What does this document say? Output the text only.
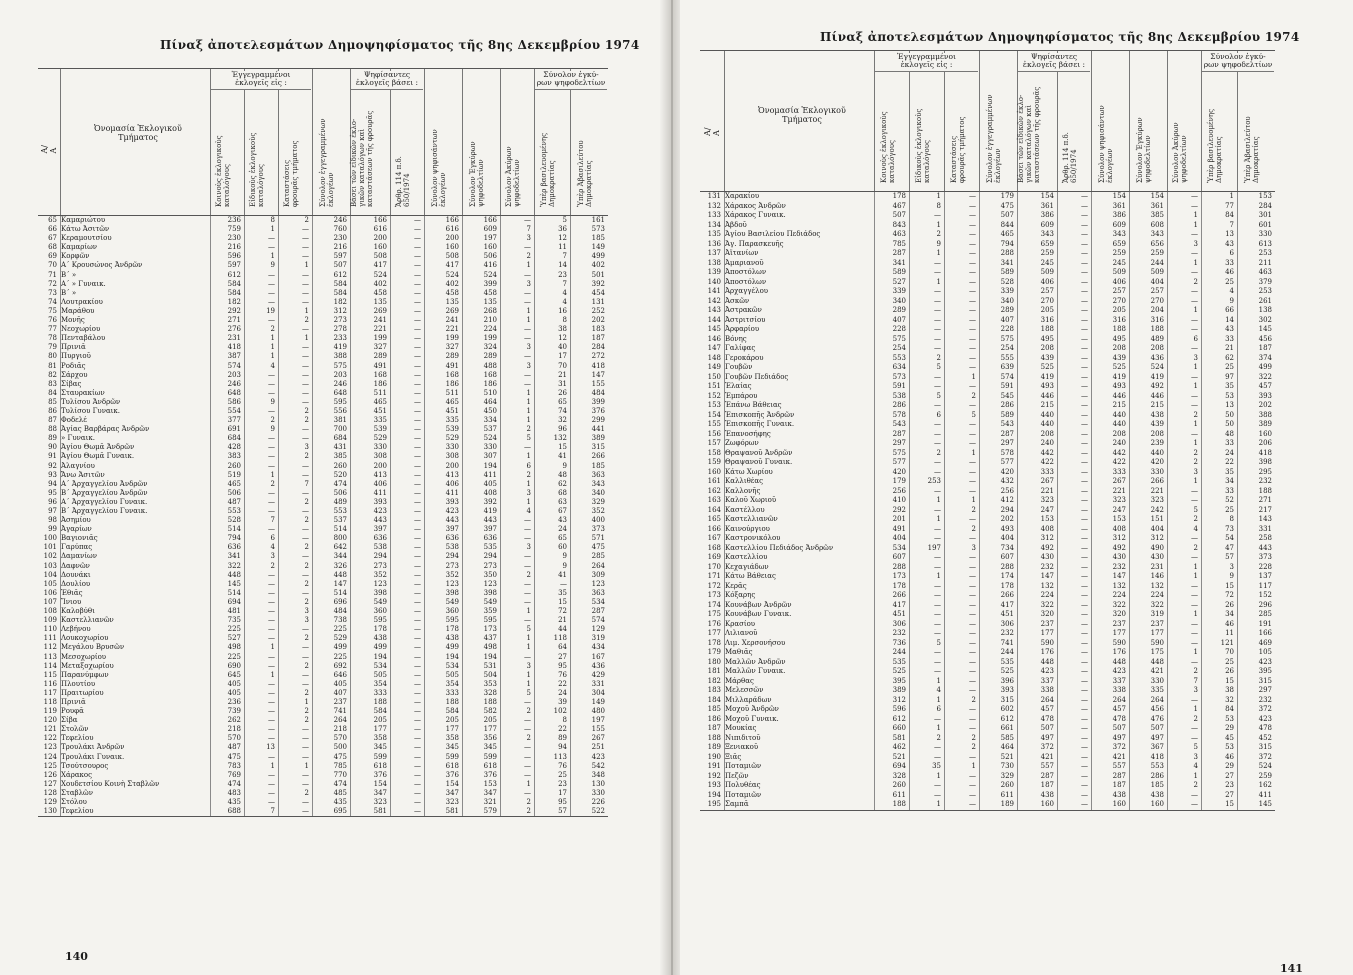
Πίναξ ἀποτελεσμάτων Δημοψηφίσματος τῆς 8ης Δεκεμβρίου 1974
Α/Α
Ὀνομασία Ἐκλογικοῦ
Τμήματος
Κοινοὺς ἐκλογικοὺς
καταλόγους	Εἰδικοὺς ἐκλογικοὺς
καταλόγους	Καταστάσεις
φρουρᾶς τμήματος
Σύνολον ἐγγεγραμμένων
ἐκλογέων Βάσει τῶν εἰδικῶν ἐκλο-
γικῶν καταλόγων καὶ
καταστάσεων τῆς φρουρᾶς
Ἄρθρ. 114 π.δ.
650/1974	Σύνολον ψηφισάντων
ἐκλογέων	Σύνολον Ἐγκύρων
ψηφοδελτίων	Σύνολον Ἀκύρων
ψηφοδελτίων	Ὑπὲρ βασιλευομένης
Δημοκρατίας	Ὑπὲρ Ἀβασιλεύτου
Δημοκρατίας
Ἐγγεγραμμένοι
ἐκλογεῖς εἰς :
Ψηφίσαντες
ἐκλογεῖς βάσει :
Σύνολον ἐγκύ-
ρων ψηφοδελτίων
65 Καμαριώτου	236	8	2	246	166	—	166	166	—	5	161
66 Κάτω Ἀσιτῶν	759	1	—	760	616	—	616	609	7	36	573
67 Κεραμουτσίου	230	—	—	230	200	—	200	197	3	12	185
68 Καμαρίων	216	—	—	216	160	—	160	160	—	11	149
69 Κορφῶν	596	1	—	597	508	—	508	506	2	7	499
70 Α΄ Κρουσώνος Ἀνδρῶν	597	9	1	507	417	—	417	416	1	14	402
71 Β΄ »	612	—	—	612	524	—	524	524	—	23	501
72 Α΄ » Γυναικ.	584	—	—	584	402	—	402	399	3	7	392
73 Β΄ »	584	—	—	584	458	—	458	458	—	4	454
74 Λουτρακίου	182	—	—	182	135	—	135	135	—	4	131
75 Μαράθου	292	19	1	312	269	—	269	268	1	16	252
76 Μονῆς	271	—	2	273	241	—	241	210	1	8	202
77 Νεοχωρίου	276	2	—	278	221	—	221	224	—	38	183
78 Πενταβάλου	231	1	1	233	199	—	199	199	—	12	187
79 Πρινιᾶ	418	1	—	419	327	—	327	324	3	40	284
80 Πυργιοῦ	387	1	—	388	289	—	289	289	—	17	272
81 Ροδιᾶς	574	4	—	575	491	—	491	488	3	70	418
82 Σάρχου	203	—	—	203	168	—	168	168	—	21	147
83 Σίβας	246	—	—	246	186	—	186	186	—	31	155
84 Σταυρακίων	648	—	—	648	511	—	511	510	1	26	484
85 Τυλίσου Ἀνδρῶν	586	9	—	595	465	—	465	464	1	65	399
86 Τυλίσου Γυναικ.	554	—	2	556	451	—	451	450	1	74	376
87 Φοδελέ	377	2	2	381	335	—	335	334	1	32	299
88 Ἁγίας Βαρβάρας Ἀνδρῶν	691	9	—	700	539	—	539	537	2	96	441
89 » Γυναικ.	684	—	—	684	529	—	529	524	5	132	389
90 Ἁγίου Θωμᾶ Ἀνδρῶν	428	—	3	431	330	—	330	330	—	15	315
91 Ἁγίου Θωμᾶ Γυναικ.	383	—	2	385	308	—	308	307	1	41	266
92 Ἀλαγνίου	260	—	—	260	200	—	200	194	6	9	185
93 Ἄνω Ἀσιτῶν	519	1	—	520	413	—	413	411	2	48	363
94 Α΄ Ἀρχαγγελίου Ἀνδρῶν	465	2	7	474	406	—	406	405	1	62	343
95 Β΄ Ἀρχαγγελίου Ἀνδρῶν	506	—	—	506	411	—	411	408	3	68	340
96 Α΄ Ἀρχαγγελίου Γυναικ.	487	—	2	489	393	—	393	392	1	63	329
97 Β΄ Ἀρχαγγελίου Γυναικ.	553	—	—	553	423	—	423	419	4	67	352
98 Ἀσημίου	528	7	2	537	443	—	443	443	—	43	400
99 Ἀγαρίων	514	—	—	514	397	—	397	397	—	24	373
100 Βαγιονιᾶς	794	6	—	800	636	—	636	636	—	65	571
101 Γαρύπας	636	4	2	642	538	—	538	535	3	60	475
102 Δαμανίων	341	3	—	344	294	—	294	294	—	9	285
103 Δαφνῶν	322	2	2	326	273	—	273	273	—	9	264
104 Δουνάκι	448	—	—	448	352	—	352	350	2	41	309
105 Δουλίου	145	—	2	147	123	—	123	123	—	—	123
106 Ἐθιᾶς	514	—	—	514	398	—	398	398	—	35	363
107 Ἴνιου	694	—	2	696	549	—	549	549	—	15	534
108 Καλοβύθι	481	—	3	484	360	—	360	359	1	72	287
109 Καστελλιανῶν	735	—	3	738	595	—	595	595	—	21	574
110 Λεβήνου	225	—	—	225	178	—	178	173	5	44	129
111 Λουκοχωρίου	527	—	2	529	438	—	438	437	1	118	319
112 Μεγάλου Βρυσῶν	498	1	—	499	499	—	499	498	1	64	434
113 Μεσοχωρίου	225	—	—	225	194	—	194	194	—	27	167
114 Μεταξοχωρίου	690	—	2	692	534	—	534	531	3	95	436
115 Παρανύμφων	645	1	—	646	505	—	505	504	1	76	429
116 Πλουτίου	405	—	—	405	354	—	354	353	1	22	331
117 Πραιτωρίου	405	—	2	407	333	—	333	328	5	24	304
118 Πρινιᾶ	236	—	1	237	188	—	188	188	—	39	149
119 Ρουφᾶ	739	—	2	741	584	—	584	582	2	102	480
120 Σίβα	262	—	2	264	205	—	205	205	—	8	197
121 Στολῶν	218	—	—	218	177	—	177	177	—	22	155
122 Τεφελίου	570	—	—	570	358	—	358	356	2	89	267
123 Τρουλάκι Ἀνδρῶν	487	13	—	500	345	—	345	345	—	94	251
124 Τρουλάκι Γυναικ.	475	—	—	475	599	—	599	599	—	113	423
125 Τσούτσουρος	783	1	1	785	618	—	618	618	—	76	542
126 Χάρακος	769	—	—	770	376	—	376	376	—	25	348
127 Χουδετσίου Κοινὴ Σταβλῶν	474	—	—	474	154	—	154	153	1	23	130
128 Σταβλῶν	483	—	2	485	347	—	347	347	—	17	330
129 Στόλου	435	—	—	435	323	—	323	321	2	95	226
130 Τεφελίου	688	7	—	695	581	—	581	579	2	57	522
140
Πίναξ ἀποτελεσμάτων Δημοψηφίσματος τῆς 8ης Δεκεμβρίου 1974
Α/Α
Ὀνομασία Ἐκλογικοῦ
Τμήματος
Κοινοὺς ἐκλογικοὺς
καταλόγους	Εἰδικοὺς ἐκλογικοὺς
καταλόγους	Καταστάσεις
φρουρᾶς τμήματος
Σύνολον ἐγγεγραμμένων
ἐκλογέων Βάσει τῶν εἰδικῶν ἐκλο-
γικῶν καταλόγων καὶ
καταστάσεων τῆς φρουρᾶς
Ἄρθρ. 114 π.δ.
650/1974	Σύνολον ψηφισάντων
ἐκλογέων	Σύνολον Ἐγκύρων
ψηφοδελτίων	Σύνολον Ἀκύρων
ψηφοδελτίων	Ὑπὲρ βασιλευομένης
Δημοκρατίας	Ὑπὲρ Ἀβασιλεύτου
Δημοκρατίας
Ἐγγεγραμμένοι
ἐκλογεῖς εἰς :
Ψηφίσαντες
ἐκλογεῖς βάσει :
Σύνολον ἐγκύ-
ρων ψηφοδελτίων
131 Χαρακίου	178	1	—	179	154	—	154	154	—	1	153
132 Χάρακος Ἀνδρῶν	467	8	—	475	361	—	361	361	—	77	284
133 Χάρακος Γυναικ.	507	—	—	507	386	—	386	385	1	84	301
134 Ἀβδοῦ	843	1	—	844	609	—	609	608	1	7	601
135 Ἁγίου Βασιλείου Πεδιάδος	463	2	—	465	343	—	343	343	—	13	330
136 Ἁγ. Παρασκευῆς	785	9	—	794	659	—	659	656	3	43	613
137 Ἀϊτανίων	287	1	—	288	259	—	259	259	—	6	253
138 Ἀμαριανοῦ	341	—	—	341	245	—	245	244	1	33	211
139 Ἀποστόλων	589	—	—	589	509	—	509	509	—	46	463
140 Ἀποστόλων	527	1	—	528	406	—	406	404	2	25	379
141 Ἀρχαγγέλου	339	—	—	339	257	—	257	257	—	4	253
142 Ἀσκῶν	340	—	—	340	270	—	270	270	—	9	261
143 Ἀστρακῶν	289	—	—	289	205	—	205	204	1	66	138
144 Ἀστριτσίου	407	—	—	407	316	—	316	316	—	14	302
145 Ἀρφαρίου	228	—	—	228	188	—	188	188	—	43	145
146 Βόνης	575	—	—	575	495	—	495	489	6	33	456
147 Γαλίφας	254	—	—	254	208	—	208	208	—	21	187
148 Γεροκάρου	553	2	—	555	439	—	439	436	3	62	374
149 Γουβῶν	634	5	—	639	525	—	525	524	1	25	499
150 Γουβῶν Πεδιάδος	573	—	1	574	419	—	419	419	—	97	322
151 Ἐλαίας	591	—	—	591	493	—	493	492	1	35	457
152 Ἐμπάρου	538	5	2	545	446	—	446	446	—	53	393
153 Ἐπάνω Βάθειας	286	—	—	286	215	—	215	215	—	13	202
154 Ἐπισκοπῆς Ἀνδρῶν	578	6	5	589	440	—	440	438	2	50	388
155 Ἐπισκοπῆς Γυναικ.	543	—	—	543	440	—	440	439	1	50	389
156 Ἐπανοσήφης	287	—	—	287	208	—	208	208	—	48	160
157 Ζωφόρων	297	—	—	297	240	—	240	239	1	33	206
158 Θραψανοῦ Ἀνδρῶν	575	2	1	578	442	—	442	440	2	24	418
159 Θραψανοῦ Γυναικ.	577	—	—	577	422	—	422	420	2	22	398
160 Κάτω Χωρίου	420	—	—	420	333	—	333	330	3	35	295
161 Καλλιθέας	179	253	—	432	267	—	267	266	1	34	232
162 Καλλονῆς	256	—	—	256	221	—	221	221	—	33	188
163 Καλοῦ Χωριοῦ	410	1	1	412	323	—	323	323	—	52	271
164 Καστέλλου	292	—	2	294	247	—	247	242	5	25	217
165 Καστελλιανῶν	201	1	—	202	153	—	153	151	2	8	143
166 Καινούργιου	491	—	2	493	408	—	408	404	4	73	331
167 Καστρονικόλου	404	—	—	404	312	—	312	312	—	54	258
168 Καστελλίου Πεδιάδος Ἀνδρῶν	534	197	3	734	492	—	492	490	2	47	443
169 Καστελλίου	607	—	—	607	430	—	430	430	—	57	373
170 Κεχαγιάδων	288	—	—	288	232	—	232	231	1	3	228
171 Κάτω Βάθειας	173	1	—	174	147	—	147	146	1	9	137
172 Κερᾶς	178	—	—	178	132	—	132	132	—	15	117
173 Κόξαρης	266	—	—	266	224	—	224	224	—	72	152
174 Κουνάβων Ἀνδρῶν	417	—	—	417	322	—	322	322	—	26	296
175 Κουνάβων Γυναικ.	451	—	—	451	320	—	320	319	1	34	285
176 Κρασίου	306	—	—	306	237	—	237	237	—	46	191
177 Λιλιανοῦ	232	—	—	232	177	—	177	177	—	11	166
178 Λιμ. Χερσονήσου	736	5	—	741	590	—	590	590	—	121	469
179 Μαθιᾶς	244	—	—	244	176	—	176	175	1	70	105
180 Μαλλῶν Ἀνδρῶν	535	—	—	535	448	—	448	448	—	25	423
181 Μαλλῶν Γυναικ.	525	—	—	525	423	—	423	421	2	26	395
182 Μάρθας	395	1	—	396	337	—	337	330	7	15	315
183 Μελεσσῶν	389	4	—	393	338	—	338	335	3	38	297
184 Μιλλαράδων	312	1	2	315	264	—	264	264	—	32	232
185 Μοχοῦ Ἀνδρῶν	596	6	—	602	457	—	457	456	1	84	372
186 Μοχοῦ Γυναικ.	612	—	—	612	478	—	478	476	2	53	423
187 Μουκίας	660	1	—	661	507	—	507	507	—	29	478
188 Νιπιδιτοῦ	581	2	2	585	497	—	497	497	—	45	452
189 Ξενιακοῦ	462	—	2	464	372	—	372	367	5	53	315
190 Ξιᾶς	521	—	—	521	421	—	421	418	3	46	372
191 Ποταμιῶν	694	35	1	730	557	—	557	553	4	29	524
192 Πεζῶν	328	1	—	329	287	—	287	286	1	27	259
193 Πολυθέας	260	—	—	260	187	—	187	185	2	23	162
194 Ποταμιῶν	611	—	—	611	438	—	438	438	—	27	411
195 Σαμπᾶ	188	1	—	189	160	—	160	160	—	15	145
141
